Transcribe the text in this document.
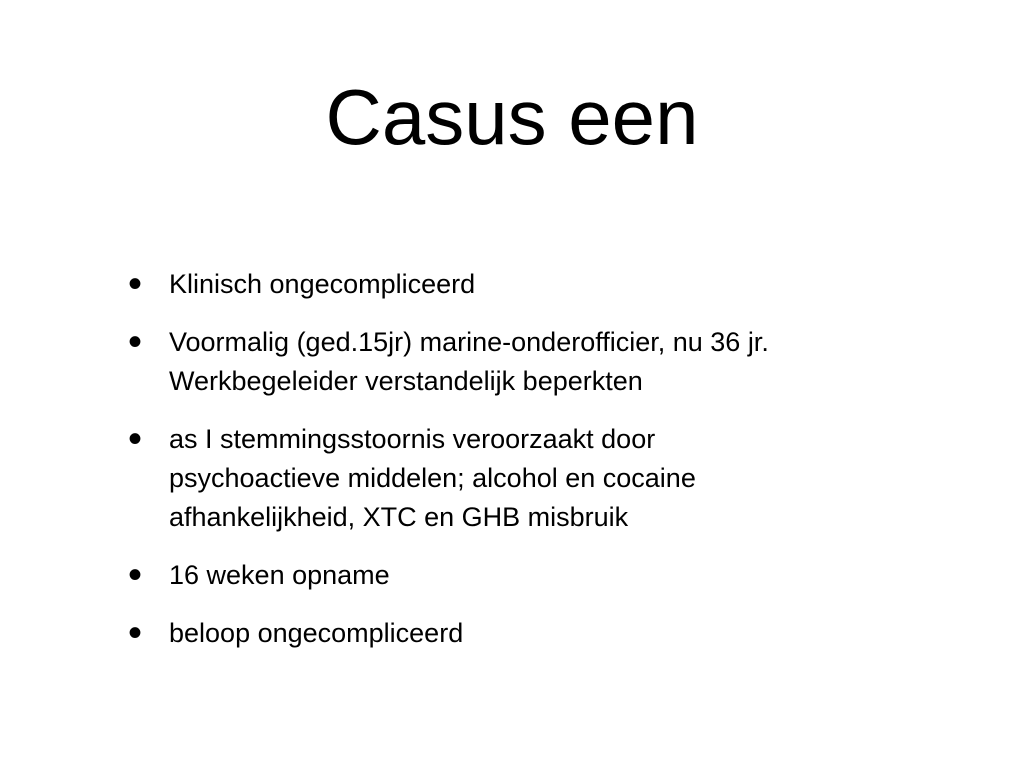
Casus een
• Klinisch ongecompliceerd
• Voormalig (ged.15jr) marine-onderofficier, nu 36 jr.
Werkbegeleider verstandelijk beperkten
• as I stemmingsstoornis veroorzaakt door
psychoactieve middelen; alcohol en cocaine
afhankelijkheid, XTC en GHB misbruik
• 16 weken opname
• beloop ongecompliceerd
